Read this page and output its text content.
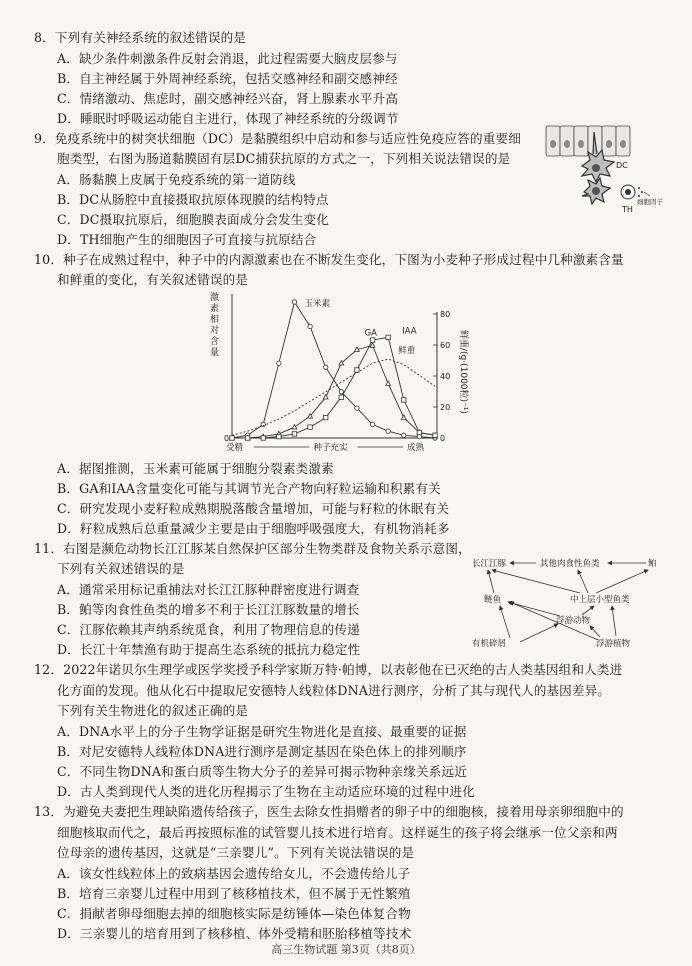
8．下列有关神经系统的叙述错误的是
A．缺少条件刺激条件反射会消退，此过程需要大脑皮层参与
B．自主神经属于外周神经系统，包括交感神经和副交感神经
C．情绪激动、焦虑时，副交感神经兴奋，肾上腺素水平升高
D．睡眠时呼吸运动能自主进行，体现了神经系统的分级调节
9．免疫系统中的树突状细胞（DC）是黏膜组织中启动和参与适应性免疫应答的重要细
胞类型，右图为肠道黏膜固有层DC捕获抗原的方式之一，下列相关说法错误的是
A．肠黏膜上皮属于免疫系统的第一道防线
B．DC从肠腔中直接摄取抗原体现膜的结构特点
C．DC摄取抗原后，细胞膜表面成分会发生变化
D．TH细胞产生的细胞因子可直接与抗原结合
DC
TH
细胞因子
10．种子在成熟过程中，种子中的内源激素也在不断发生变化，下图为小麦种子形成过程中几种激素含量
和鲜重的变化，有关叙述错误的是
激素相对含量
0	0
20
40
60
80
鲜重/(g·(1000粒)⁻¹)
受精	种子充实	成熟
玉米素
GA	IAA
鲜重
A．据图推测，玉米素可能属于细胞分裂素类激素
B．GA和IAA含量变化可能与其调节光合产物向籽粒运输和积累有关
C．研究发现小麦籽粒成熟期脱落酸含量增加，可能与籽粒的休眠有关
D．籽粒成熟后总重量减少主要是由于细胞呼吸强度大，有机物消耗多
11．右图是濒危动物长江江豚某自然保护区部分生物类群及食物关系示意图，
下列有关叙述错误的是
A．通常采用标记重捕法对长江江豚种群密度进行调查
B．鲌等肉食性鱼类的增多不利于长江江豚数量的增长
C．江豚依赖其声纳系统觅食，利用了物理信息的传递
D．长江十年禁渔有助于提高生态系统的抵抗力稳定性
长江江豚	其他肉食性鱼类	鲌
鲢鱼	中上层小型鱼类
浮游动物
有机碎屑	浮游植物
12．2022年诺贝尔生理学或医学奖授予科学家斯万特·帕博，以表彰他在已灭绝的古人类基因组和人类进
化方面的发现。他从化石中提取尼安德特人线粒体DNA进行测序，分析了其与现代人的基因差异。
下列有关生物进化的叙述正确的是
A．DNA水平上的分子生物学证据是研究生物进化是直接、最重要的证据
B．对尼安德特人线粒体DNA进行测序是测定基因在染色体上的排列顺序
C．不同生物DNA和蛋白质等生物大分子的差异可揭示物种亲缘关系远近
D．古人类到现代人类的进化历程揭示了生物在主动适应环境的过程中进化
13．为避免夫妻把生理缺陷遗传给孩子，医生去除女性捐赠者的卵子中的细胞核，接着用母亲卵细胞中的
细胞核取而代之，最后再按照标准的试管婴儿技术进行培育。这样诞生的孩子将会继承一位父亲和两
位母亲的遗传基因，这就是“三亲婴儿”。下列有关说法错误的是
A．该女性线粒体上的致病基因会遗传给女儿，不会遗传给儿子
B．培育三亲婴儿过程中用到了核移植技术，但不属于无性繁殖
C．捐献者卵母细胞去掉的细胞核实际是纺锤体—染色体复合物
D．三亲婴儿的培育用到了核移植、体外受精和胚胎移植等技术
高三生物试题 第3页（共8页）
